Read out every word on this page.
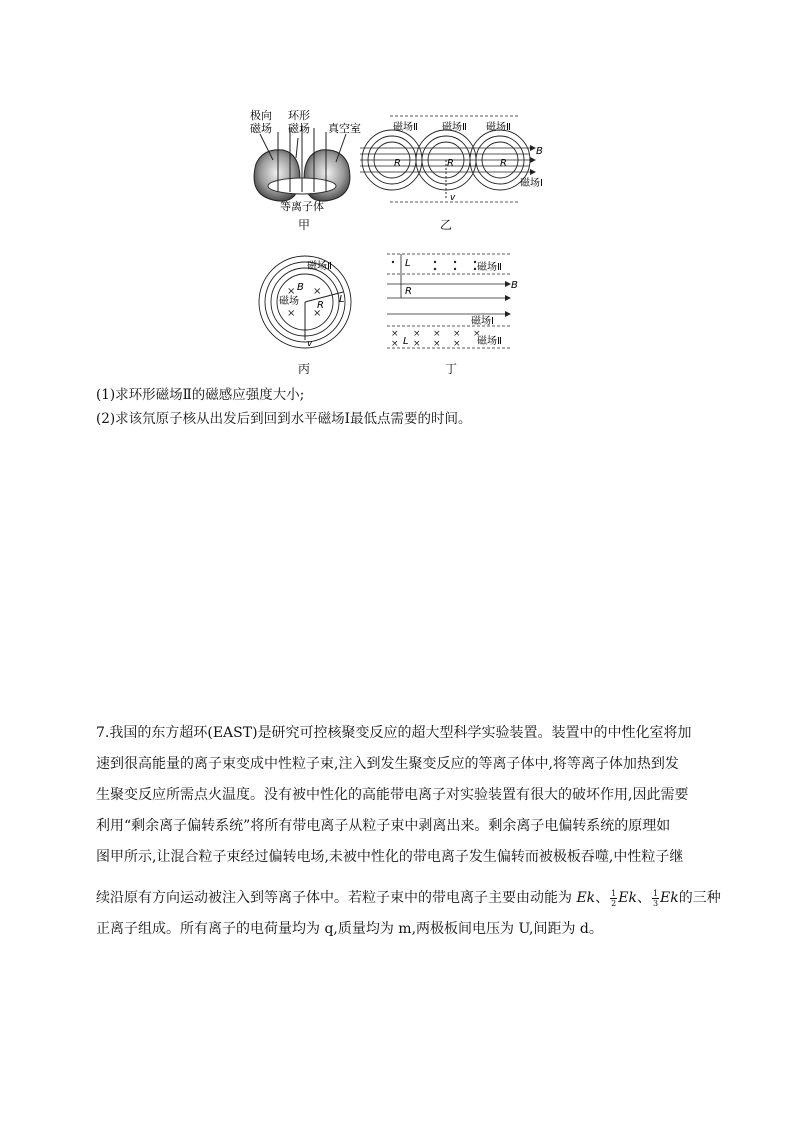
极向
磁场
环形
磁场 真空室
等离子体
甲
磁场Ⅱ 磁场Ⅱ 磁场Ⅱ
B
磁场Ⅰ
R	R	R
v
乙
× ×
× ×
磁场Ⅱ
B
磁场 R
L
v
丙
× × × × ×
× × × ×
L	磁场Ⅱ
R
B
磁场Ⅰ
L	磁场Ⅱ
丁
(1)求环形磁场Ⅱ的磁感应强度大小;
(2)求该氘原子核从出发后到回到水平磁场Ⅰ最低点需要的时间。
7.我国的东方超环(EAST)是研究可控核聚变反应的超大型科学实验装置。装置中的中性化室将加
速到很高能量的离子束变成中性粒子束,注入到发生聚变反应的等离子体中,将等离子体加热到发
生聚变反应所需点火温度。没有被中性化的高能带电离子对实验装置有很大的破坏作用,因此需要
利用“剩余离子偏转系统”将所有带电离子从粒子束中剥离出来。剩余离子电偏转系统的原理如
图甲所示,让混合粒子束经过偏转电场,未被中性化的带电离子发生偏转而被极板吞噬,中性粒子继
续沿原有方向运动被注入到等离子体中。若粒子束中的带电离子主要由动能为 Ek、 $\frac{1}{2}$ Ek、 $\frac{1}{3}$ Ek的三种
正离子组成。所有离子的电荷量均为 q,质量均为 m,两极板间电压为 U,间距为 d。
